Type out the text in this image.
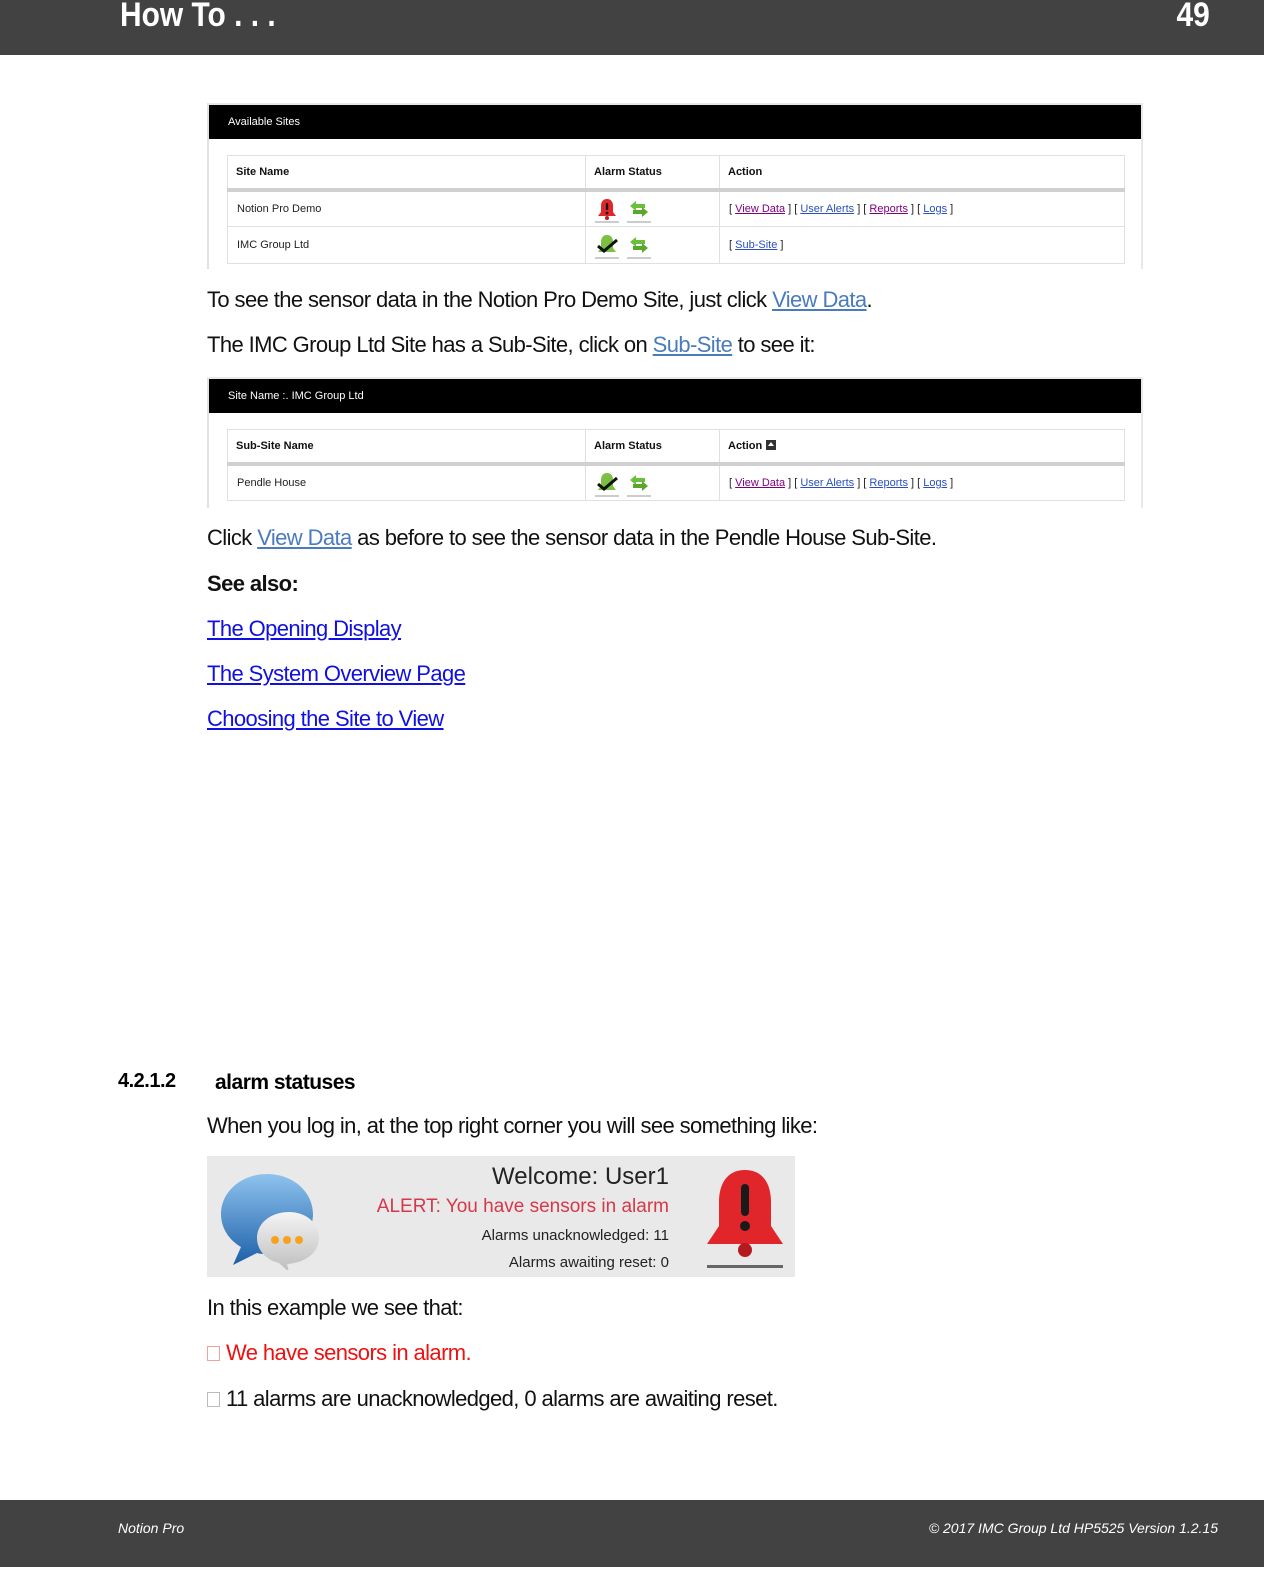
How To . . .	49
Available Sites
Site Name	Alarm Status	Action
Notion Pro Demo		[ View Data ] [ User Alerts ] [ Reports ] [ Logs ]
IMC Group Ltd		[ Sub-Site ]
To see the sensor data in the Notion Pro Demo Site, just click View Data.
The IMC Group Ltd Site has a Sub-Site, click on Sub-Site to see it:
Site Name :. IMC Group Ltd
Sub-Site Name	Alarm Status	Action
Pendle House		[ View Data ] [ User Alerts ] [ Reports ] [ Logs ]
Click View Data as before to see the sensor data in the Pendle House Sub-Site.
See also:
The Opening Display
The System Overview Page
Choosing the Site to View
4.2.1.2 alarm statuses
When you log in, at the top right corner you will see something like:
Welcome: User1
ALERT: You have sensors in alarm
Alarms unacknowledged: 11
Alarms awaiting reset: 0
In this example we see that:
We have sensors in alarm.
11 alarms are unacknowledged, 0 alarms are awaiting reset.
Notion Pro	© 2017 IMC Group Ltd HP5525 Version 1.2.15
